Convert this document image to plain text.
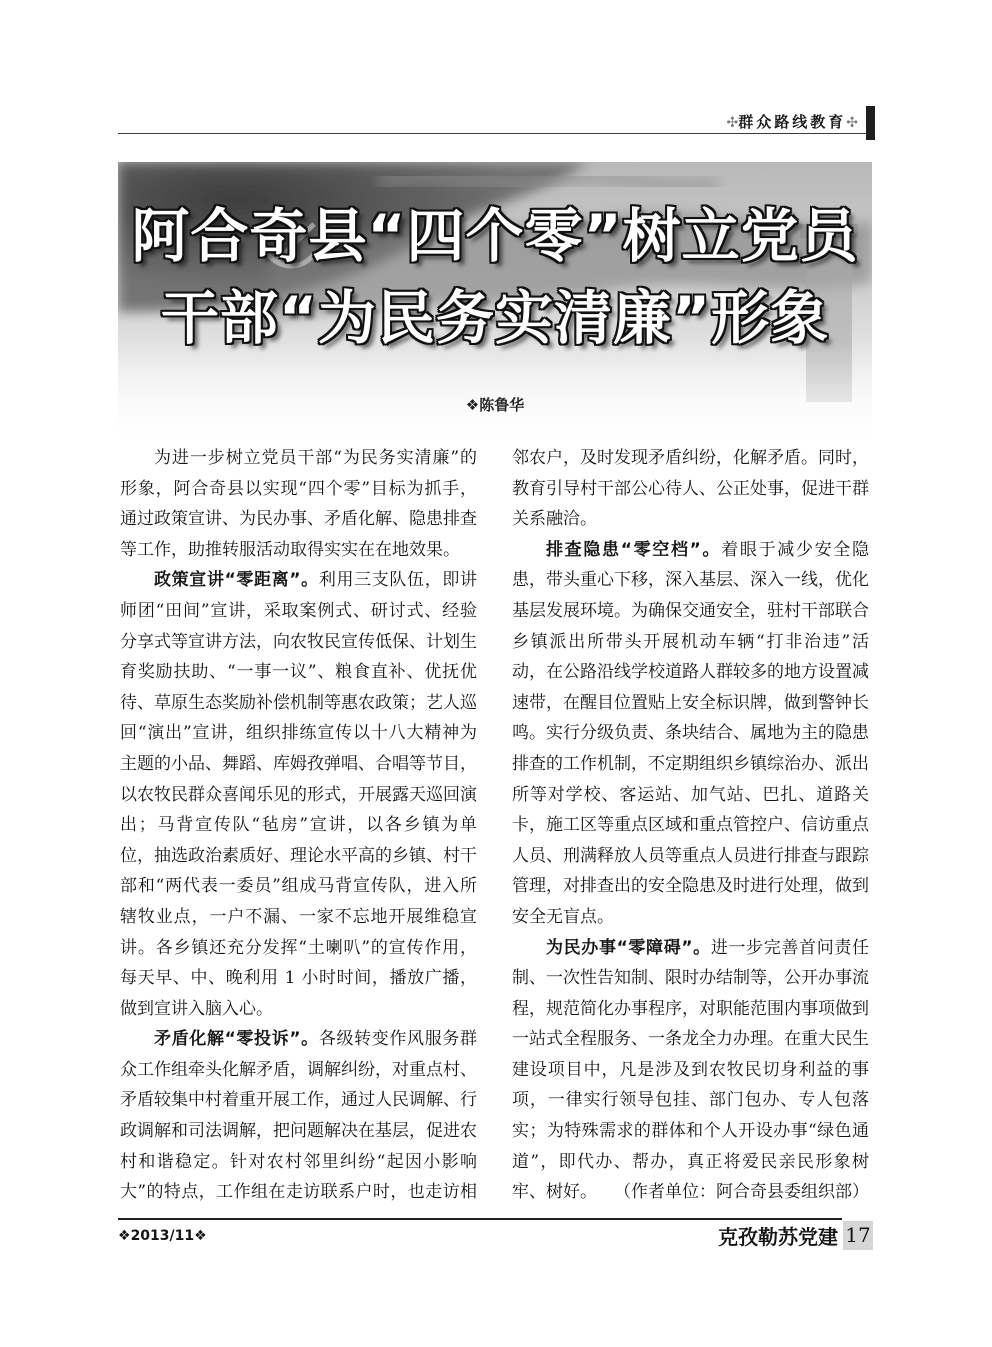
✣群众路线教育✣
阿合奇县“四个零”树立党员
干部“为民务实清廉”形象
❖陈鲁华

为进一步树立党员干部“为民务实清廉”的形象，阿合奇县以实现“四个零”目标为抓手，通过政策宣讲、为民办事、矛盾化解、隐患排查等工作，助推转服活动取得实实在在地效果。

政策宣讲“零距离”。利用三支队伍，即讲师团“田间”宣讲，采取案例式、研讨式、经验分享式等宣讲方法，向农牧民宣传低保、计划生育奖励扶助、“一事一议”、粮食直补、优抚优待、草原生态奖励补偿机制等惠农政策；艺人巡回“演出”宣讲，组织排练宣传以十八大精神为主题的小品、舞蹈、库姆孜弹唱、合唱等节目，以农牧民群众喜闻乐见的形式，开展露天巡回演出；马背宣传队“毡房”宣讲，以各乡镇为单位，抽选政治素质好、理论水平高的乡镇、村干部和“两代表一委员”组成马背宣传队，进入所辖牧业点，一户不漏、一家不忘地开展维稳宣讲。各乡镇还充分发挥“土喇叭”的宣传作用，每天早、中、晚利用 1 小时时间，播放广播，做到宣讲入脑入心。

矛盾化解“零投诉”。各级转变作风服务群众工作组牵头化解矛盾，调解纠纷，对重点村、矛盾较集中村着重开展工作，通过人民调解、行政调解和司法调解，把问题解决在基层，促进农村和谐稳定。针对农村邻里纠纷“起因小影响大”的特点，工作组在走访联系户时，也走访相邻农户，及时发现矛盾纠纷，化解矛盾。同时，教育引导村干部公心待人、公正处事，促进干群关系融洽。

排查隐患“零空档”。着眼于减少安全隐患，带头重心下移，深入基层、深入一线，优化基层发展环境。为确保交通安全，驻村干部联合乡镇派出所带头开展机动车辆“打非治违”活动，在公路沿线学校道路人群较多的地方设置减速带，在醒目位置贴上安全标识牌，做到警钟长鸣。实行分级负责、条块结合、属地为主的隐患排查的工作机制，不定期组织乡镇综治办、派出所等对学校、客运站、加气站、巴扎、道路关卡，施工区等重点区域和重点管控户、信访重点人员、刑满释放人员等重点人员进行排查与跟踪管理，对排查出的安全隐患及时进行处理，做到安全无盲点。

为民办事“零障碍”。进一步完善首问责任制、一次性告知制、限时办结制等，公开办事流程，规范简化办事程序，对职能范围内事项做到一站式全程服务、一条龙全力办理。在重大民生建设项目中，凡是涉及到农牧民切身利益的事项，一律实行领导包挂、部门包办、专人包落实；为特殊需求的群体和个人开设办事“绿色通道”，即代办、帮办，真正将爱民亲民形象树牢、树好。 （作者单位：阿合奇县委组织部）

❖2013/11❖	克孜勒苏党建 17
